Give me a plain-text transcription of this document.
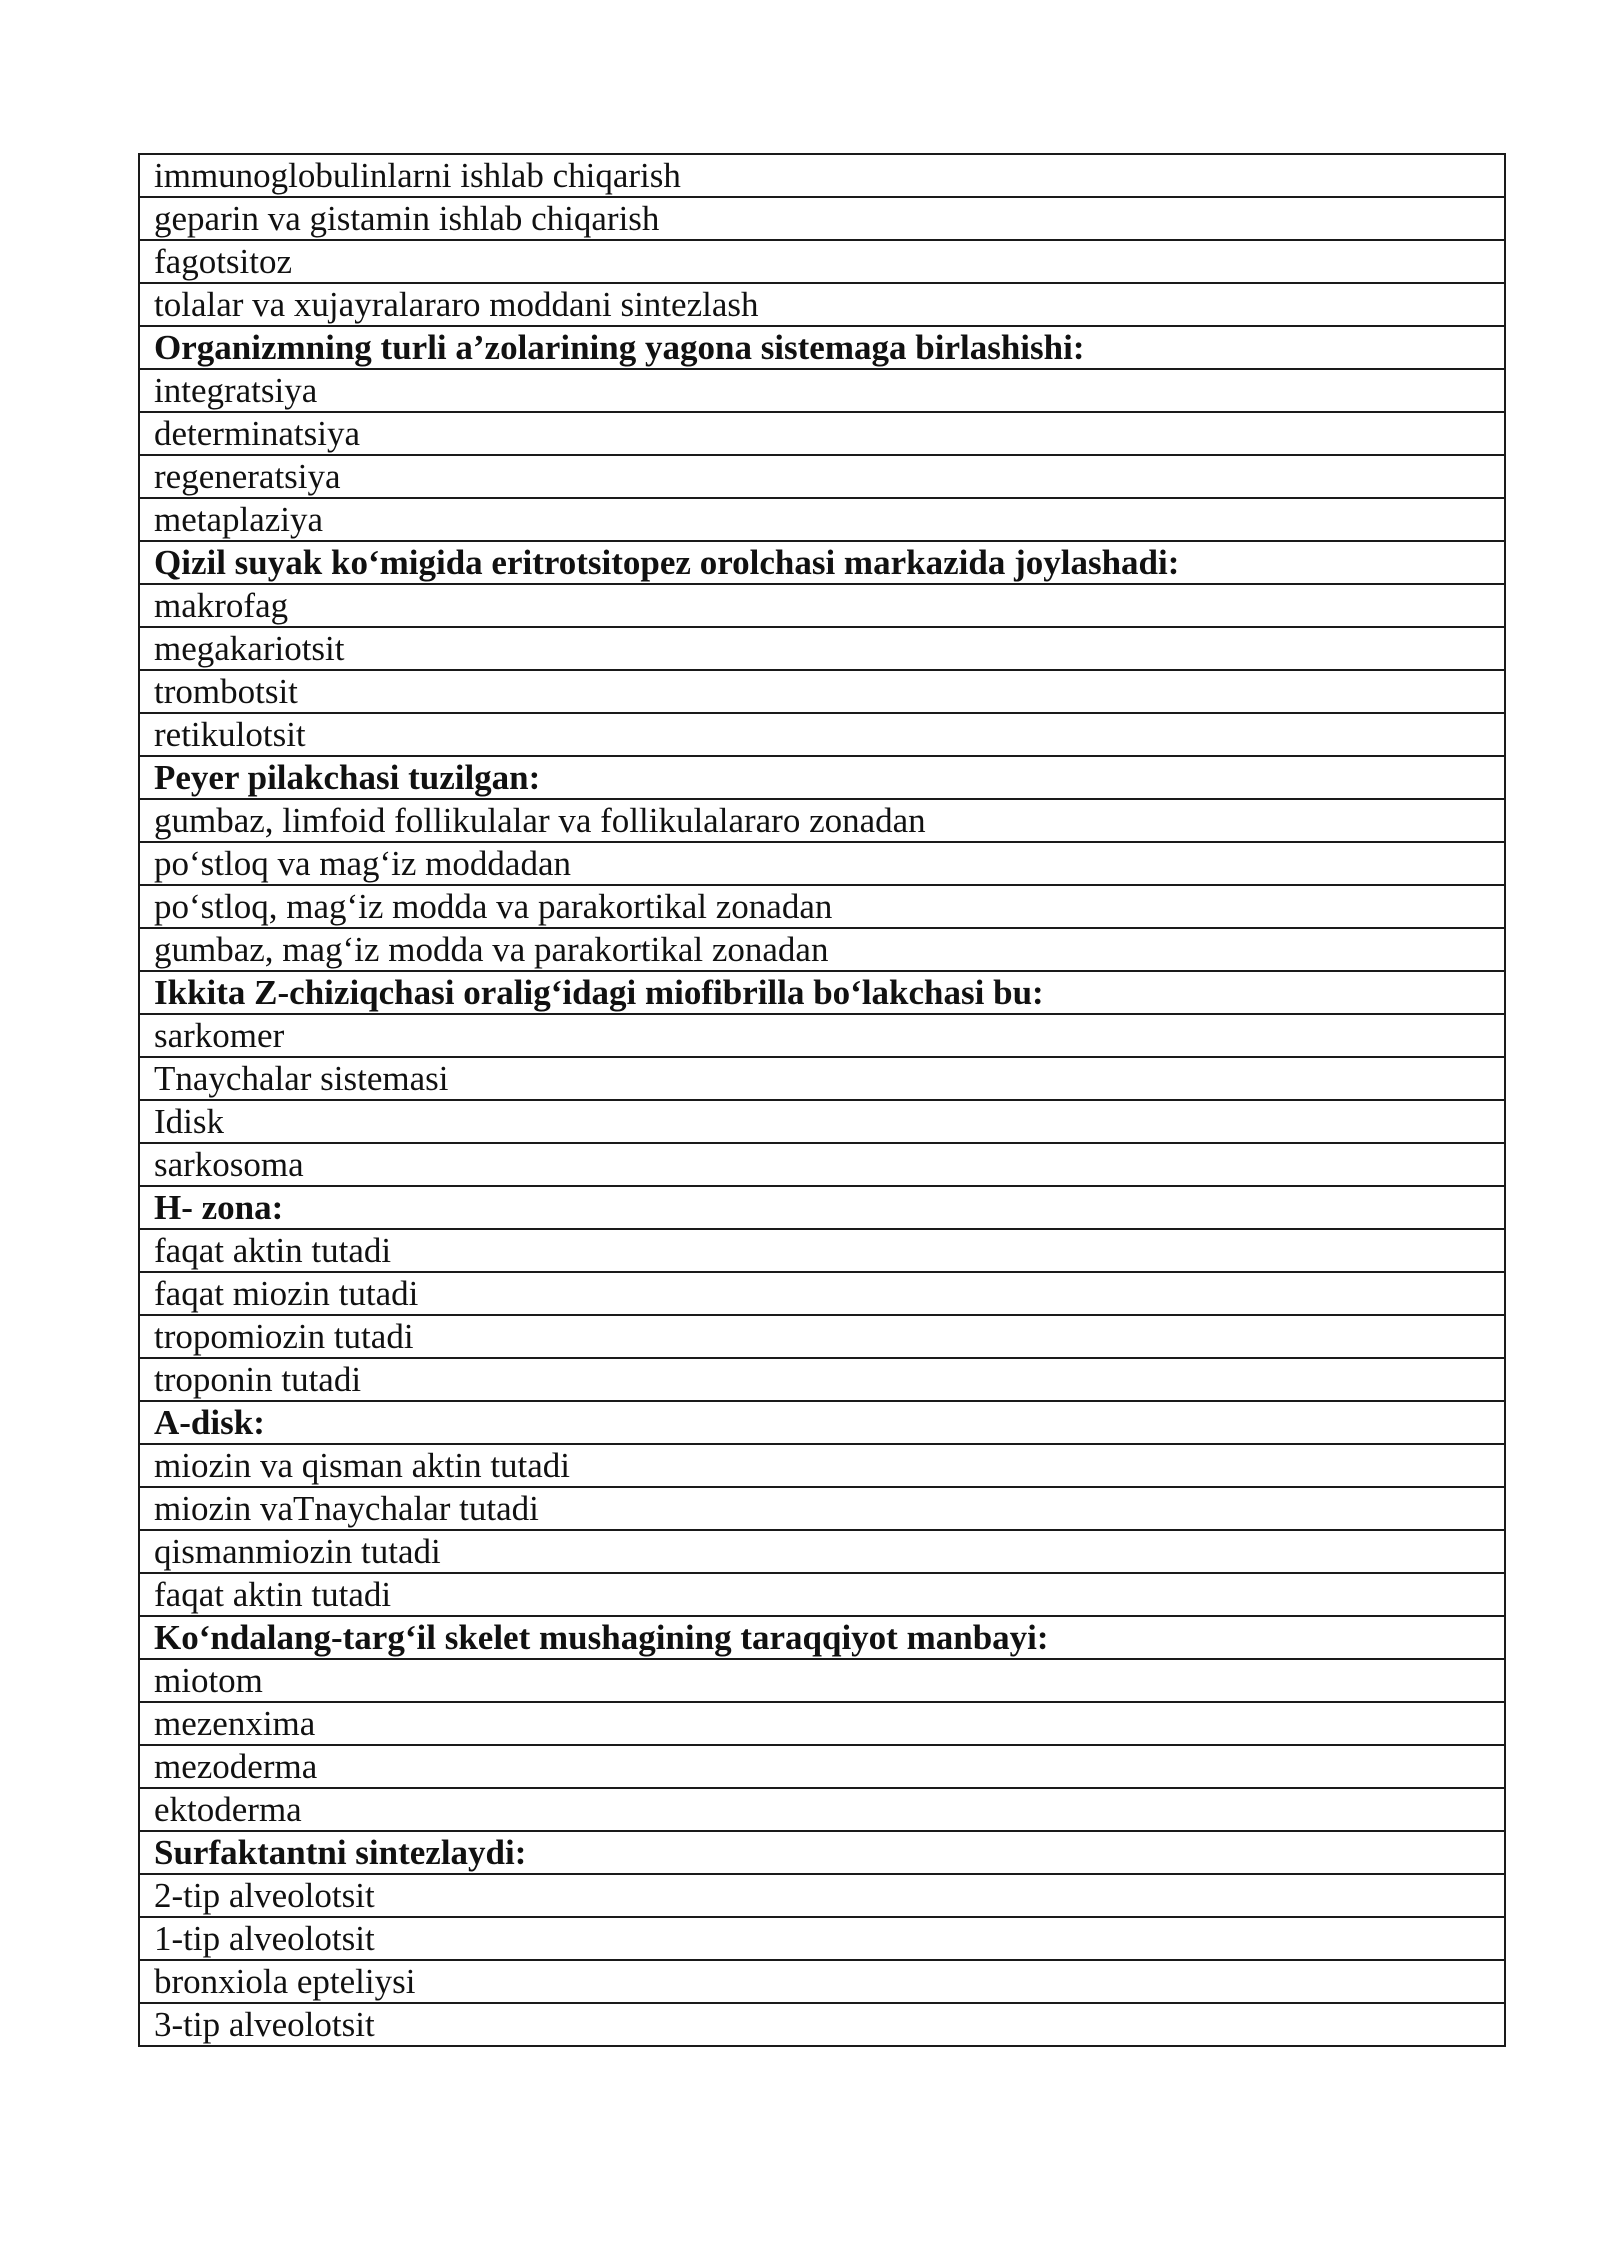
immunoglobulinlarni ishlab chiqarish
geparin va gistamin ishlab chiqarish
fagotsitoz
tolalar va xujayralararo moddani sintezlash
Organizmning turli a’zolarining yagona sistemaga birlashishi:
integratsiya
determinatsiya
regeneratsiya
metaplaziya
Qizil suyak ko‘migida eritrotsitopez orolchasi markazida joylashadi:
makrofag
megakariotsit
trombotsit
retikulotsit
Peyer pilakchasi tuzilgan:
gumbaz, limfoid follikulalar va follikulalararo zonadan
po‘stloq va mag‘iz moddadan
po‘stloq, mag‘iz modda va parakortikal zonadan
gumbaz, mag‘iz modda va parakortikal zonadan
Ikkita Z-chiziqchasi oralig‘idagi miofibrilla bo‘lakchasi bu:
sarkomer
Tnaychalar sistemasi
Idisk
sarkosoma
H- zona:
faqat aktin tutadi
faqat miozin tutadi
tropomiozin tutadi
troponin tutadi
A-disk:
miozin va qisman aktin tutadi
miozin vaTnaychalar tutadi
qismanmiozin tutadi
faqat aktin tutadi
Ko‘ndalang-targ‘il skelet mushagining taraqqiyot manbayi:
miotom
mezenxima
mezoderma
ektoderma
Surfaktantni sintezlaydi:
2-tip alveolotsit
1-tip alveolotsit
bronxiola epteliysi
3-tip alveolotsit
